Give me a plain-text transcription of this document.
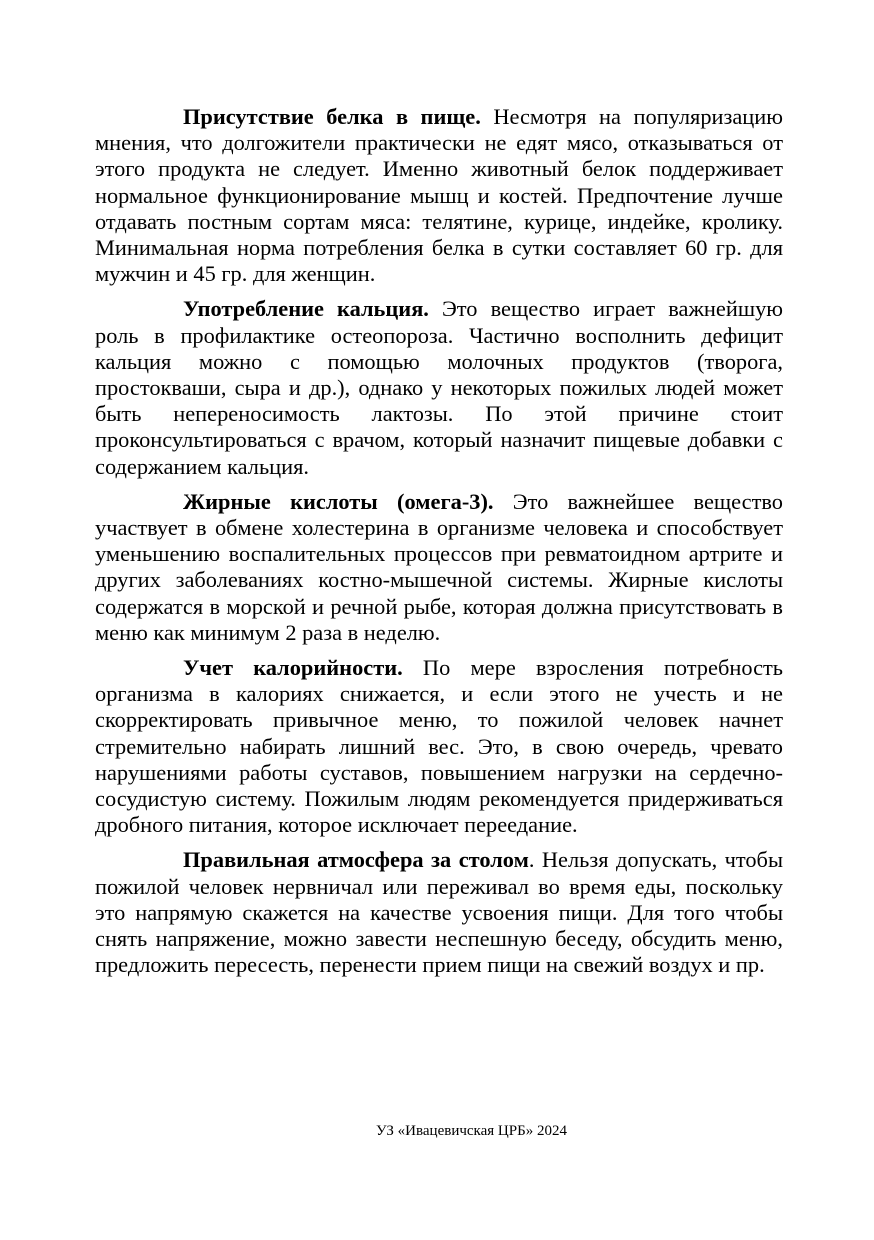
Присутствие белка в пище. Несмотря на популяризацию мнения, что долгожители практически не едят мясо, отказываться от этого продукта не следует. Именно животный белок поддерживает нормальное функционирование мышц и костей. Предпочтение лучше отдавать постным сортам мяса: телятине, курице, индейке, кролику. Минимальная норма потребления белка в сутки составляет 60 гр. для мужчин и 45 гр. для женщин.

Употребление кальция. Это вещество играет важнейшую роль в профилактике остеопороза. Частично восполнить дефицит кальция можно с помощью молочных продуктов (творога, простокваши, сыра и др.), однако у некоторых пожилых людей может быть непереносимость лактозы. По этой причине стоит проконсультироваться с врачом, который назначит пищевые добавки с содержанием кальция.

Жирные кислоты (омега-3). Это важнейшее вещество участвует в обмене холестерина в организме человека и способствует уменьшению воспалительных процессов при ревматоидном артрите и других заболеваниях костно-мышечной системы. Жирные кислоты содержатся в морской и речной рыбе, которая должна присутствовать в меню как минимум 2 раза в неделю.

Учет калорийности. По мере взросления потребность организма в калориях снижается, и если этого не учесть и не скорректировать привычное меню, то пожилой человек начнет стремительно набирать лишний вес. Это, в свою очередь, чревато нарушениями работы суставов, повышением нагрузки на сердечно-сосудистую систему. Пожилым людям рекомендуется придерживаться дробного питания, которое исключает переедание.

Правильная атмосфера за столом. Нельзя допускать, чтобы пожилой человек нервничал или переживал во время еды, поскольку это напрямую скажется на качестве усвоения пищи. Для того чтобы снять напряжение, можно завести неспешную беседу, обсудить меню, предложить пересесть, перенести прием пищи на свежий воздух и пр.

УЗ «Ивацевичская ЦРБ» 2024
